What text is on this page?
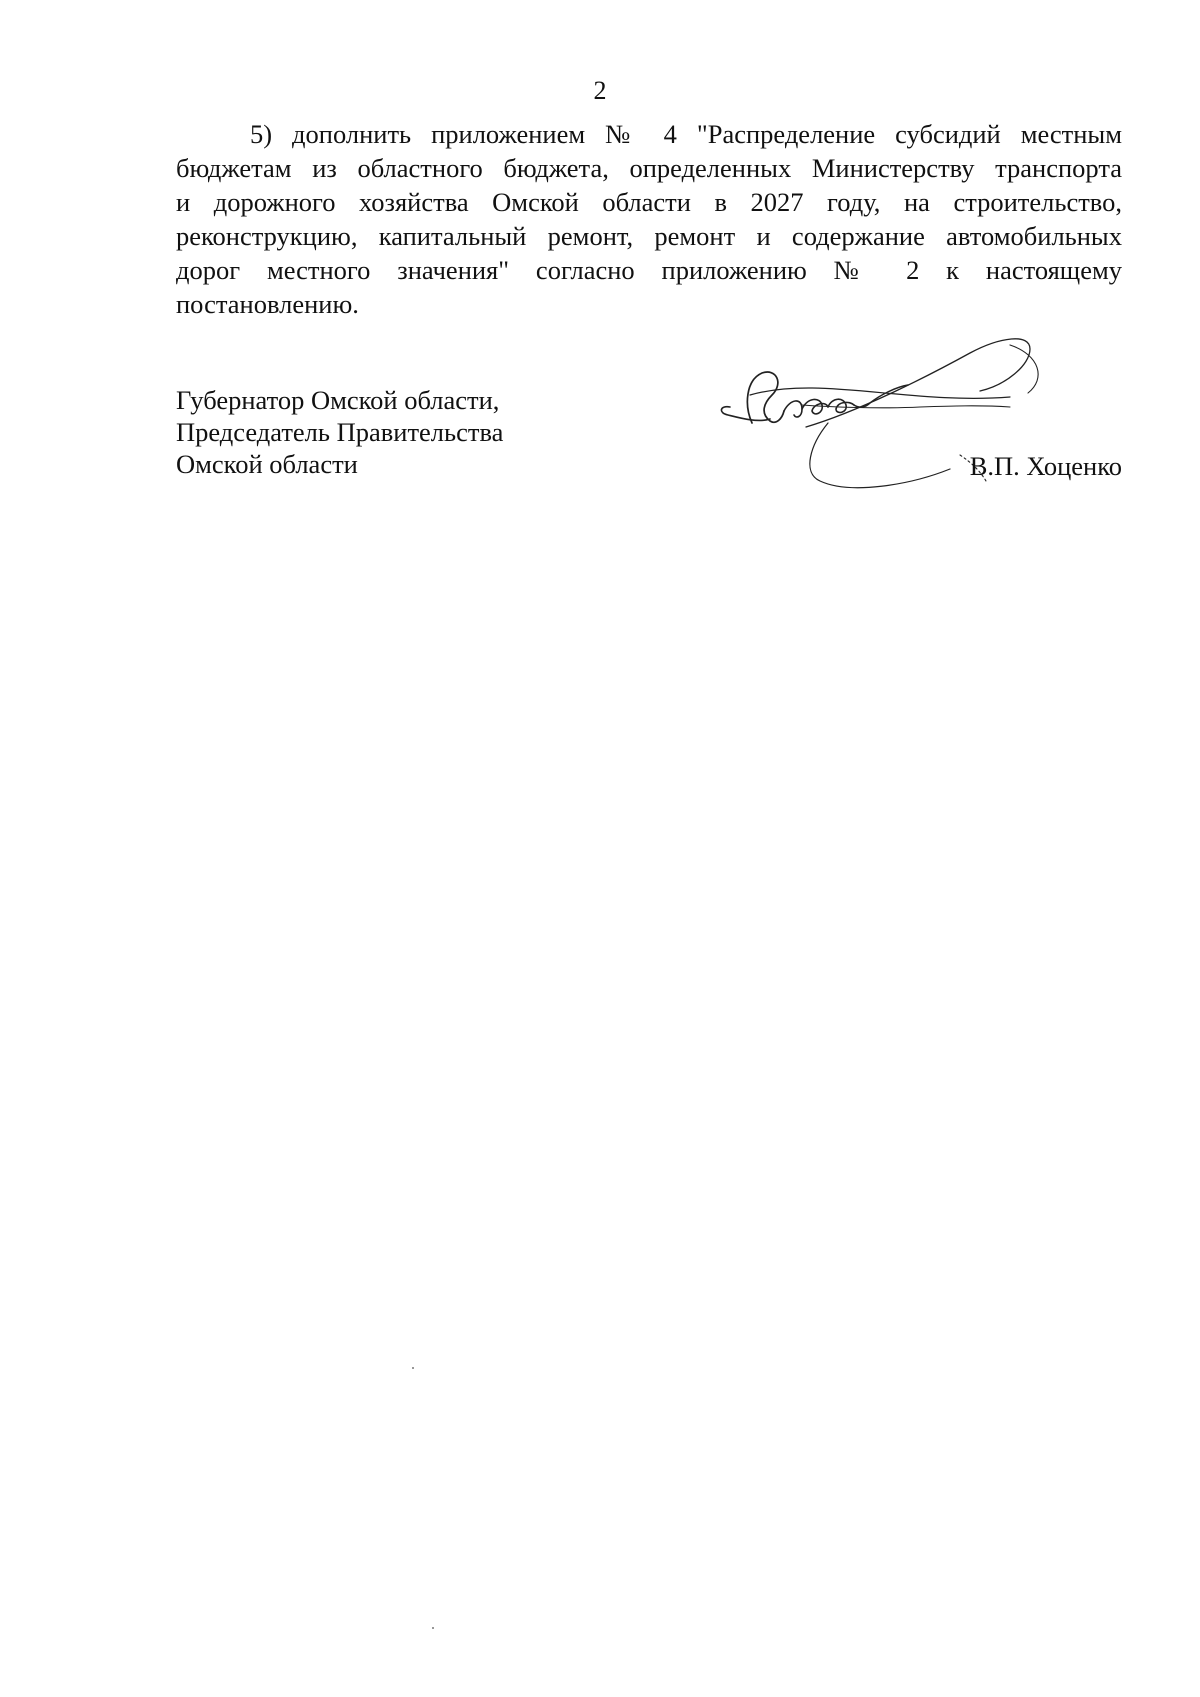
2

5) дополнить приложением № 4 "Распределение субсидий местным
бюджетам из областного бюджета, определенных Министерству транспорта
и дорожного хозяйства Омской области в 2027 году, на строительство,
реконструкцию, капитальный ремонт, ремонт и содержание автомобильных
дорог местного значения" согласно приложению № 2 к настоящему
постановлению.

Губернатор Омской области,
Председатель Правительства
Омской области	В.П. Хоценко
